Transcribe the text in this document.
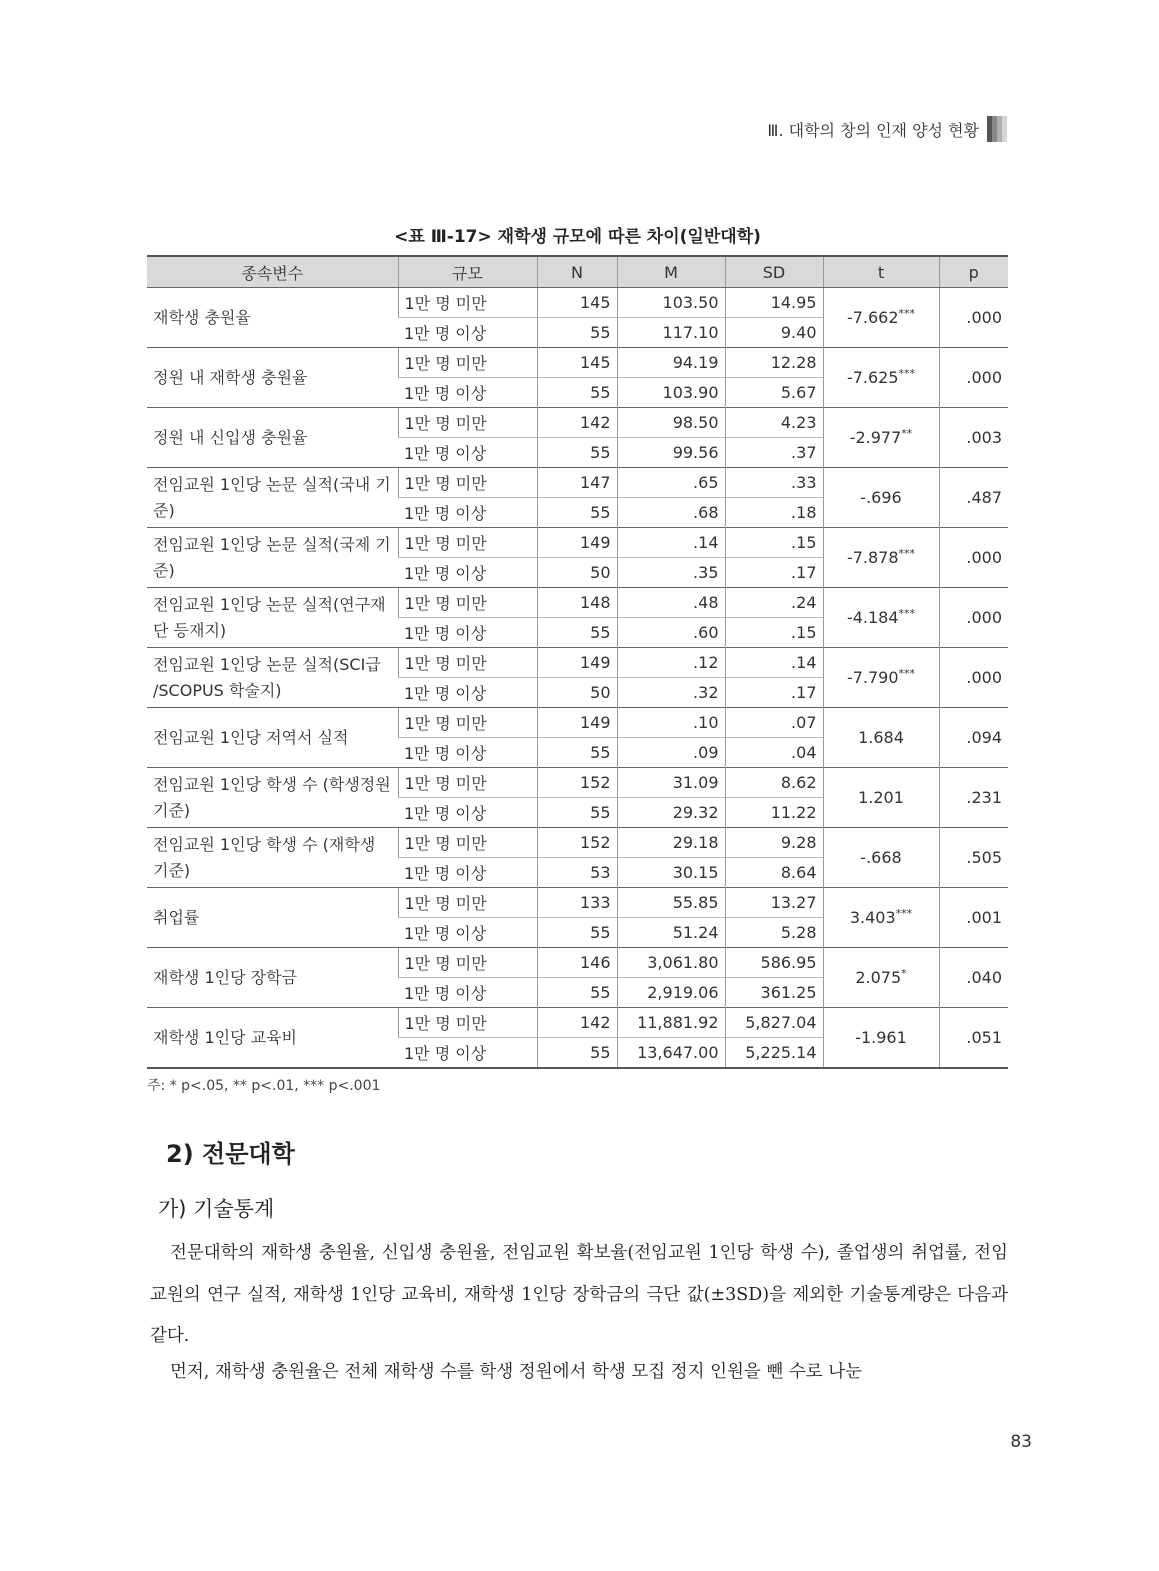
Ⅲ. 대학의 창의 인재 양성 현황
<표 Ⅲ-17> 재학생 규모에 따른 차이(일반대학)
종속변수	규모	N	M	SD	t	p
재학생 충원율	1만 명 미만	145	103.50	14.95	-7.662***	.000
	1만 명 이상	55	117.10	9.40		
정원 내 재학생 충원율	1만 명 미만	145	94.19	12.28	-7.625***	.000
	1만 명 이상	55	103.90	5.67		
정원 내 신입생 충원율	1만 명 미만	142	98.50	4.23	-2.977**	.003
	1만 명 이상	55	99.56	.37		
전임교원 1인당 논문 실적(국내 기준)	1만 명 미만	147	.65	.33	-.696	.487
	1만 명 이상	55	.68	.18		
전임교원 1인당 논문 실적(국제 기준)	1만 명 미만	149	.14	.15	-7.878***	.000
	1만 명 이상	50	.35	.17		
전임교원 1인당 논문 실적(연구재단 등재지)	1만 명 미만	148	.48	.24	-4.184***	.000
	1만 명 이상	55	.60	.15		
전임교원 1인당 논문 실적(SCI급 /SCOPUS 학술지)	1만 명 미만	149	.12	.14	-7.790***	.000
	1만 명 이상	50	.32	.17		
전임교원 1인당 저역서 실적	1만 명 미만	149	.10	.07	1.684	.094
	1만 명 이상	55	.09	.04		
전임교원 1인당 학생 수 (학생정원 기준)	1만 명 미만	152	31.09	8.62	1.201	.231
	1만 명 이상	55	29.32	11.22		
전임교원 1인당 학생 수 (재학생 기준)	1만 명 미만	152	29.18	9.28	-.668	.505
	1만 명 이상	53	30.15	8.64		
취업률	1만 명 미만	133	55.85	13.27	3.403***	.001
	1만 명 이상	55	51.24	5.28		
재학생 1인당 장학금	1만 명 미만	146	3,061.80	586.95	2.075*	.040
	1만 명 이상	55	2,919.06	361.25		
재학생 1인당 교육비	1만 명 미만	142	11,881.92	5,827.04	-1.961	.051
	1만 명 이상	55	13,647.00	5,225.14		
주: * p<.05, ** p<.01, *** p<.001
2) 전문대학
가) 기술통계

전문대학의 재학생 충원율, 신입생 충원율, 전임교원 확보율(전임교원 1인당 학생 수), 졸업생의 취업률, 전임교원의 연구 실적, 재학생 1인당 교육비, 재학생 1인당 장학금의 극단 값(±3SD)을 제외한 기술통계량은 다음과 같다.

먼저, 재학생 충원율은 전체 재학생 수를 학생 정원에서 학생 모집 정지 인원을 뺀 수로 나눈

83
